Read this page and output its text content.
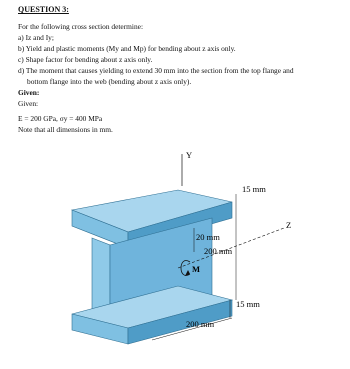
QUESTION 3:
For the following cross section determine:
a) Iz and Iy;
b) Yield and plastic moments (My and Mp) for bending about z axis only.
c) Shape factor for bending about z axis only.
d) The moment that causes yielding to extend 30 mm into the section from the top flange and
bottom flange into the web (bending about z axis only).
Given:
Given:
E = 200 GPa, σy = 400 MPa
Note that all dimensions in mm.
Y
Z
15 mm
20 mm
200 mm
M
15 mm
200 mm
